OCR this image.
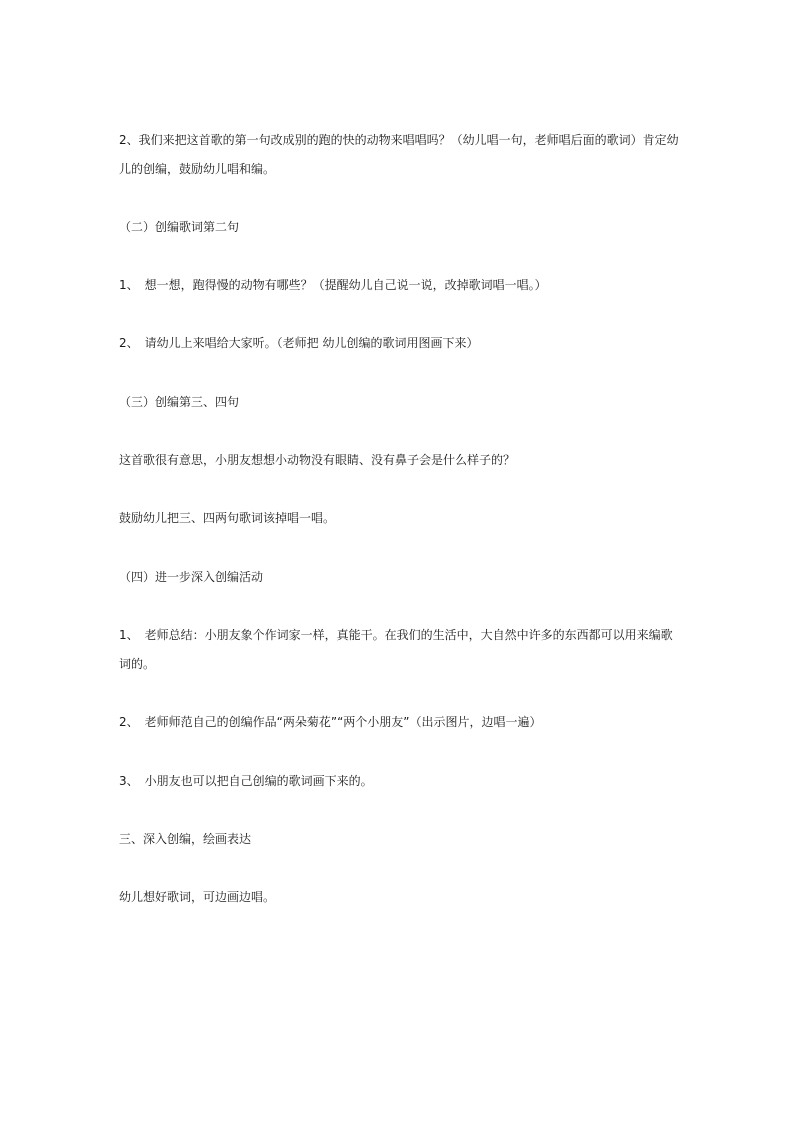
2、我们来把这首歌的第一句改成别的跑的快的动物来唱唱吗？（幼儿唱一句，老师唱后面的歌词）肯定幼

儿的创编，鼓励幼儿唱和编。

（二）创编歌词第二句

1、　想一想，跑得慢的动物有哪些？（提醒幼儿自己说一说，改掉歌词唱一唱。）

2、　请幼儿上来唱给大家听。（老师把 幼儿创编的歌词用图画下来）

（三）创编第三、四句

这首歌很有意思，小朋友想想小动物没有眼睛、没有鼻子会是什么样子的？

鼓励幼儿把三、四两句歌词该掉唱一唱。

（四）进一步深入创编活动

1、　老师总结：小朋友象个作词家一样，真能干。在我们的生活中，大自然中许多的东西都可以用来编歌

词的。

2、　老师师范自己的创编作品“两朵菊花”“两个小朋友”（出示图片，边唱一遍）

3、　小朋友也可以把自己创编的歌词画下来的。

三、深入创编，绘画表达

幼儿想好歌词，可边画边唱。
